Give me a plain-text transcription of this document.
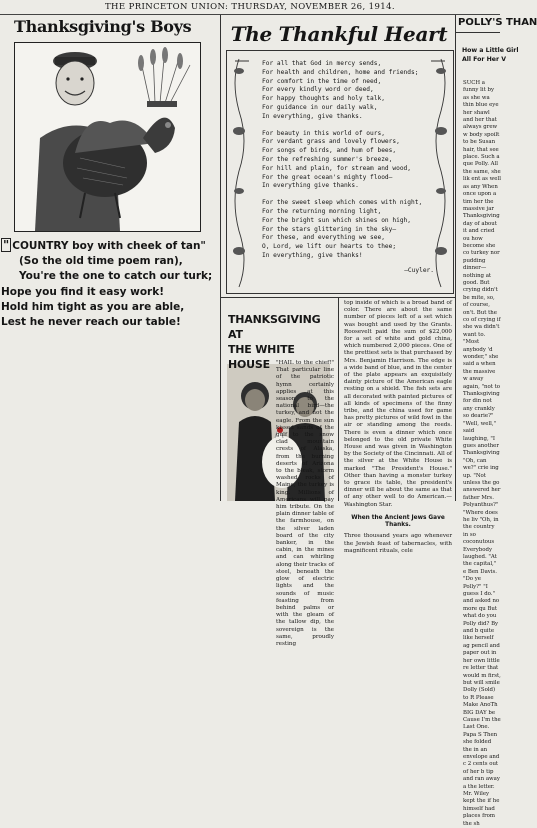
THE PRINCETON UNION: THURSDAY, NOVEMBER 26, 1914.
Thanksgiving's Boys
" COUNTRY boy with cheek of tan"
(So the old time poem ran),
You're the one to catch our turk;
Hope you find it easy work!
Hold him tight as you are able,
Lest he never reach our table!
The Thankful Heart
For all that God in mercy sends,
For health and children, home and friends;
For comfort in the time of need,
For every kindly word or deed,
For happy thoughts and holy talk,
For guidance in our daily walk,
In everything, give thanks.
For beauty in this world of ours,
For verdant grass and lovely flowers,
For songs of birds, and hum of bees,
For the refreshing summer's breeze,
For hill and plain, for stream and wood,
For the great ocean's mighty flood—
In everything give thanks.
For the sweet sleep which comes with night,
For the returning morning light,
For the bright sun which shines on high,
For the stars glittering in the sky—
For these, and everything we see,
O, Lord, we lift our hearts to thee;
In everything, give thanks!
—Cuyler.
THANKSGIVING AT
THE WHITE HOUSE	"HAIL to the chief!" That particular line of the patriotic hymn certainly applies at this season to the national bird—the turkey, and not the eagle. From the sun kissed sands of the gulf to the snow clad mountain crests of Alaska, from the burning deserts of Arizona to the bleak, storm washed rocks of Maine, the turkey is king. Millions of Americans will pay him tribute. On the plain dinner table of the farmhouse, on the silver laden board of the city banker, in the cabin, in the mines and can whirling along their tracks of steel, beneath the glow of electric lights and the sounds of music feasting from behind palms or with the gleam of the tallow dip, the sovereign is the same, proudly resting
top inside of which is a broad band of color. There are about the same number of pieces left of a set which was bought and used by the Grants. Roosevelt paid the sum of $22,000 for a set of white and gold china, which numbered 2,000 pieces. One of the prettiest sets is that purchased by Mrs. Benjamin Harrison. The edge is a wide band of blue, and in the center of the plate appears an exquisitely dainty picture of the American eagle resting on a shield. The fish sets are all decorated with painted pictures of all kinds of specimens of the finny tribe, and the china used for game has pretty pictures of wild fowl in the air or standing among the reeds. There is even a dinner which once belonged to the old private White House and was given in Washington by the Society of the Cincinnati. All of the silver at the White House is marked "The President's House." Other than having a monster turkey to grace its table, the president's dinner will be about the same as that of any other well to do American.—Washington Star.
When the Ancient Jews Gave Thanks.
Three thousand years ago whenever the Jewish feast of tabernacles, with magnificent rituals, cele
POLLY'S THAN
How a Little Girl
All For Her V
SUCH a funny lit by as she wa thin blue eye her shawl and her that always grew w body spoilt to be Susan hair, that see place. Such a que Polly. All the same, she lik ent as well as any When once upon a tim her the massive jar Thanksgiving day of about it and cried ou how become she co turkey nor pudding dinner—nothing at good. But crying didn't be mite, so, of course, on't. But the co of crying if she wa didn't want to. "Most anybody 'd wonder," she said a when the massive w away again, "not to Thanksgiving for din not any crankly so dearie?" "Well, well," said laughing, "I gues another Thanksgiving "Oh, can we?" crie ing up. "Not unless the go answered her father Mrs. Polyanthus?" "Where does he liv "Oh, in the country in so coconutous Everybody laughed. "At the capital," e Ben Davis. "Do ye Polly?" "I guess I do." and asked no more qu But what do you Polly did? By and b quite like herself ag pencil and paper out in her own little re letter that would m first, but will smile Dolly (Sold) to R Please Make AnoTh BIG DAY be Cause I'm the Last One. Papa S Then she folded the in an envelope and c 2 cents out of her b tip and ran away a the letter. Mr. Wiley kept the if he himself had places from the sh
